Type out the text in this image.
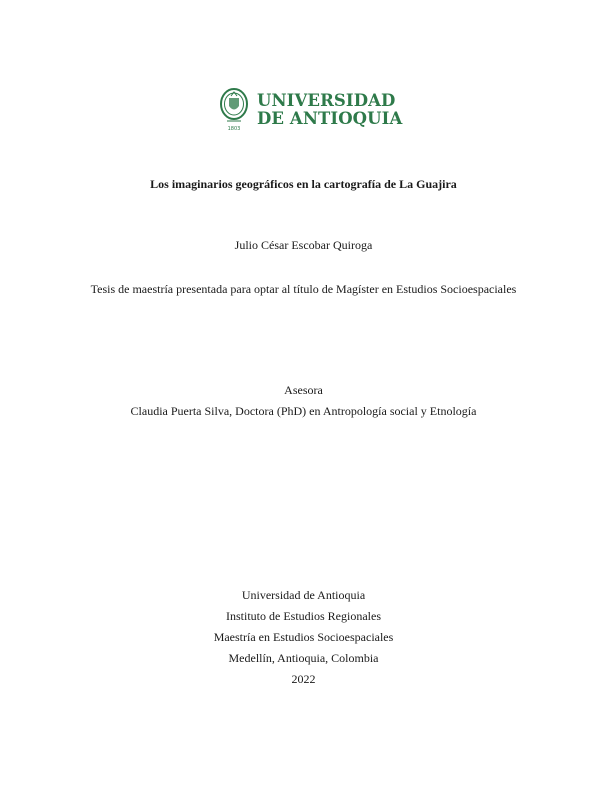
1803
UNIVERSIDAD
DE ANTIOQUIA
Los imaginarios geográficos en la cartografía de La Guajira
Julio César Escobar Quiroga
Tesis de maestría presentada para optar al título de Magíster en Estudios Socioespaciales
Asesora
Claudia Puerta Silva, Doctora (PhD) en Antropología social y Etnología
Universidad de Antioquia
Instituto de Estudios Regionales
Maestría en Estudios Socioespaciales
Medellín, Antioquia, Colombia
2022
